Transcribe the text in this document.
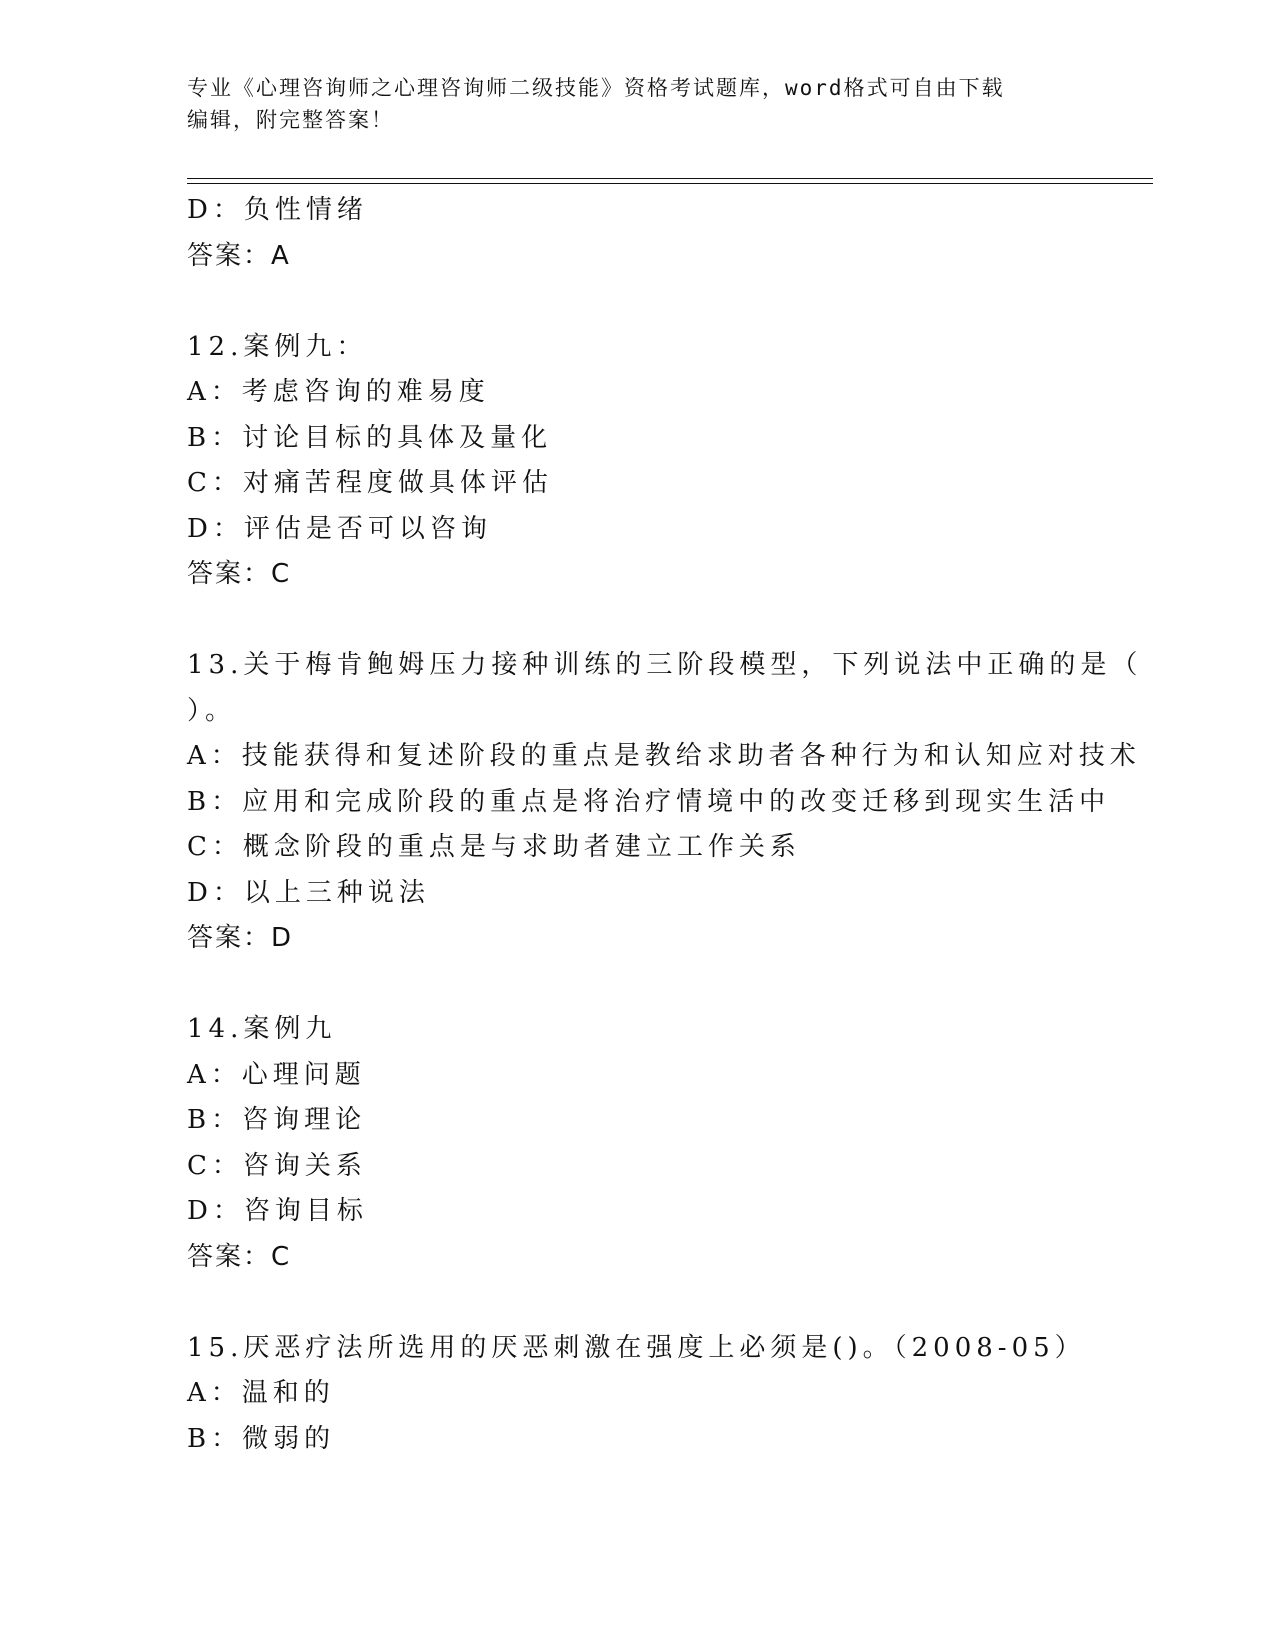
专业《心理咨询师之心理咨询师二级技能》资格考试题库，word格式可自由下载
编辑，附完整答案！
D：负性情绪
答案：A
12.案例九：
A：考虑咨询的难易度
B：讨论目标的具体及量化
C：对痛苦程度做具体评估
D：评估是否可以咨询
答案：C
13.关于梅肯鲍姆压力接种训练的三阶段模型，下列说法中正确的是（
）。
A：技能获得和复述阶段的重点是教给求助者各种行为和认知应对技术
B：应用和完成阶段的重点是将治疗情境中的改变迁移到现实生活中
C：概念阶段的重点是与求助者建立工作关系
D：以上三种说法
答案：D
14.案例九
A：心理问题
B：咨询理论
C：咨询关系
D：咨询目标
答案：C
15.厌恶疗法所选用的厌恶刺激在强度上必须是()。（2008-05）
A：温和的
B：微弱的
